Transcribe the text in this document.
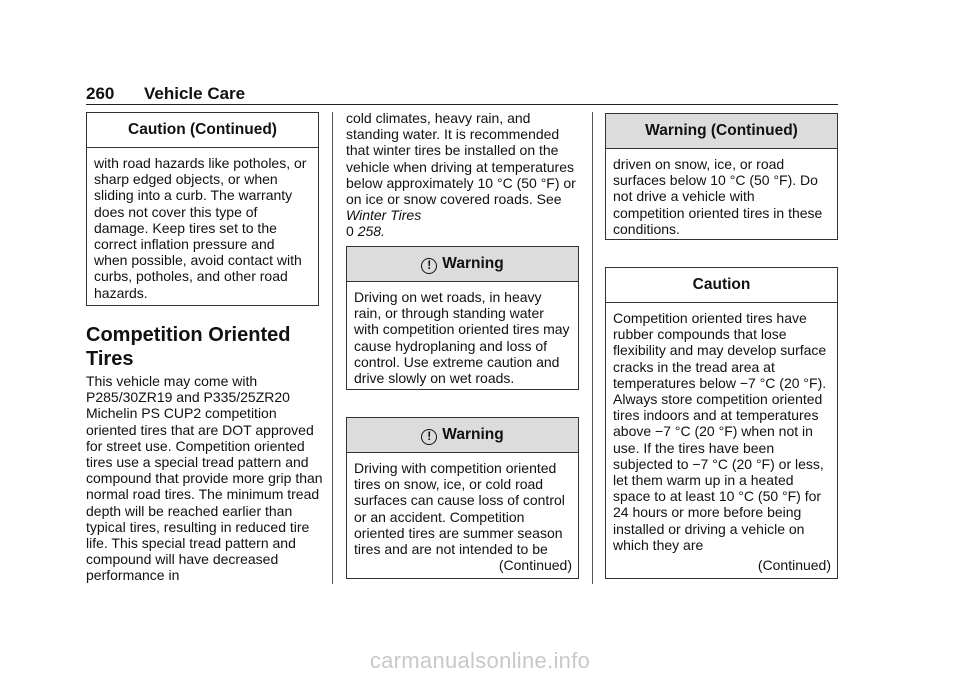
260 Vehicle Care
Caution (Continued)
with road hazards like potholes, or sharp edged objects, or when sliding into a curb. The warranty does not cover this type of damage. Keep tires set to the correct inflation pressure and when possible, avoid contact with curbs, potholes, and other road hazards.
Competition Oriented
Tires
This vehicle may come with P285/30ZR19 and P335/25ZR20 Michelin PS CUP2 competition oriented tires that are DOT approved for street use. Competition oriented tires use a special tread pattern and compound that provide more grip than normal road tires. The minimum tread depth will be reached earlier than typical tires, resulting in reduced tire life. This special tread pattern and compound will have decreased performance in
cold climates, heavy rain, and standing water. It is recommended that winter tires be installed on the vehicle when driving at temperatures below approximately 10 °C (50 °F) or on ice or snow covered roads. See Winter Tires
0 258.
! Warning
Driving on wet roads, in heavy rain, or through standing water with competition oriented tires may cause hydroplaning and loss of control. Use extreme caution and drive slowly on wet roads.
! Warning
Driving with competition oriented tires on snow, ice, or cold road surfaces can cause loss of control or an accident. Competition oriented tires are summer season tires and are not intended to be
(Continued)
Warning (Continued)
driven on snow, ice, or road surfaces below 10 °C (50 °F). Do not drive a vehicle with competition oriented tires in these conditions.
Caution
Competition oriented tires have rubber compounds that lose flexibility and may develop surface cracks in the tread area at temperatures below −7 °C (20 °F). Always store competition oriented tires indoors and at temperatures above −7 °C (20 °F) when not in use. If the tires have been subjected to −7 °C (20 °F) or less, let them warm up in a heated space to at least 10 °C (50 °F) for 24 hours or more before being installed or driving a vehicle on which they are
(Continued)
carmanualsonline.info
